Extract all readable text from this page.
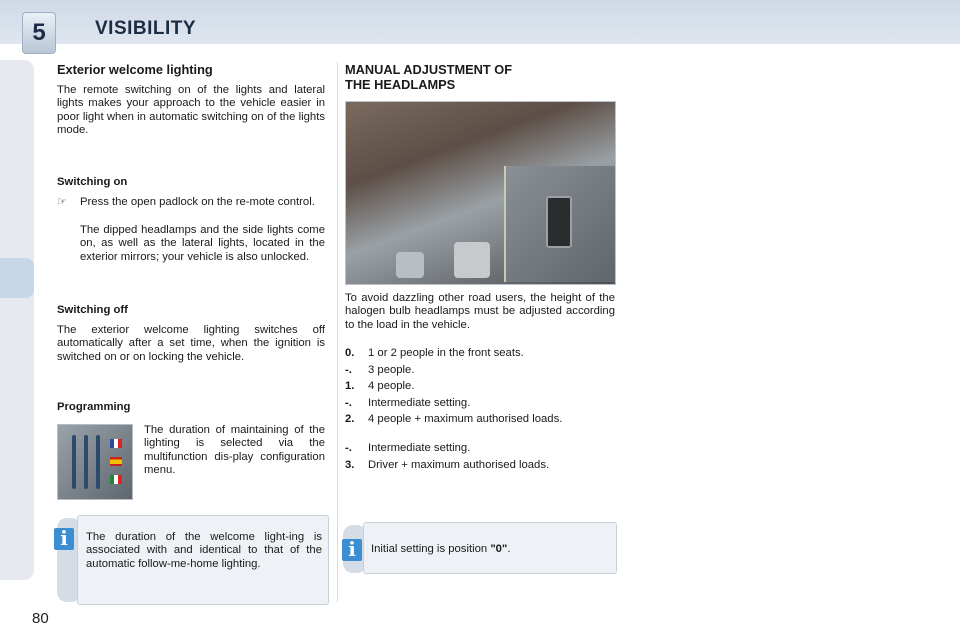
5	VISIBILITY
80
Exterior welcome lighting

The remote switching on of the lights and lateral lights makes your approach to the vehicle easier in poor light when in automatic switching on of the lights mode.

Switching on
☞ Press the open padlock on the re-mote control.

The dipped headlamps and the side lights come on, as well as the lateral lights, located in the exterior mirrors; your vehicle is also unlocked.

Switching off

The exterior welcome lighting switches off automatically after a set time, when the ignition is switched on or on locking the vehicle.

Programming

The duration of maintaining of the lighting is selected via the multifunction dis-play configuration menu.

The duration of the welcome light-ing is associated with and identical to that of the automatic follow-me-home lighting.

i
MANUAL ADJUSTMENT OF
THE HEADLAMPS

To avoid dazzling other road users, the height of the halogen bulb headlamps must be adjusted according to the load in the vehicle.

0. 1 or 2 people in the front seats.
-. 3 people.
1. 4 people.
-. Intermediate setting.
2. 4 people + maximum authorised loads.
-. Intermediate setting.
3. Driver + maximum authorised loads.

Initial setting is position "0".

i
